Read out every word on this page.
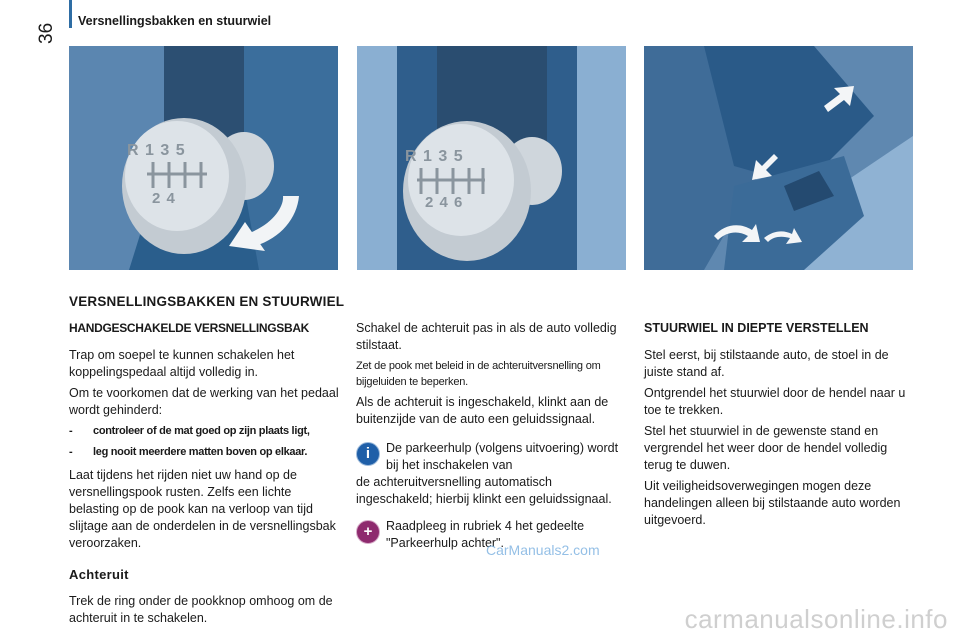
36
Versnellingsbakken en stuurwiel
R 1 3 5
2 4
R 1 3 5
2 4 6
VERSNELLINGSBAKKEN EN STUURWIEL
HANDGESCHAKELDE VERSNELLINGSBAK

Trap om soepel te kunnen schakelen het koppelingspedaal altijd volledig in.

Om te voorkomen dat de werking van het pedaal wordt gehinderd:

- controleer of de mat goed op zijn plaats ligt,
- leg nooit meerdere matten boven op elkaar.

Laat tijdens het rijden niet uw hand op de versnellingspook rusten. Zelfs een lichte belasting op de pook kan na verloop van tijd slijtage aan de onderdelen in de versnellingsbak veroorzaken.

Achteruit

Trek de ring onder de pookknop omhoog om de achteruit in te schakelen.

Schakel de achteruit pas in als de auto volledig stilstaat.

Zet de pook met beleid in de achteruitversnelling om bijgeluiden te beperken.

Als de achteruit is ingeschakeld, klinkt aan de buitenzijde van de auto een geluidssignaal.

i	De parkeerhulp (volgens uitvoering) wordt bij het inschakelen van

de achteruitversnelling automatisch ingeschakeld; hierbij klinkt een geluidssignaal.

+	Raadpleeg in rubriek 4 het gedeelte "Parkeerhulp achter".

STUURWIEL IN DIEPTE VERSTELLEN

Stel eerst, bij stilstaande auto, de stoel in de juiste stand af.

Ontgrendel het stuurwiel door de hendel naar u toe te trekken.

Stel het stuurwiel in de gewenste stand en vergrendel het weer door de hendel volledig terug te duwen.

Uit veiligheidsoverwegingen mogen deze handelingen alleen bij stilstaande auto worden uitgevoerd.

CarManuals2.com
carmanualsonline.info
